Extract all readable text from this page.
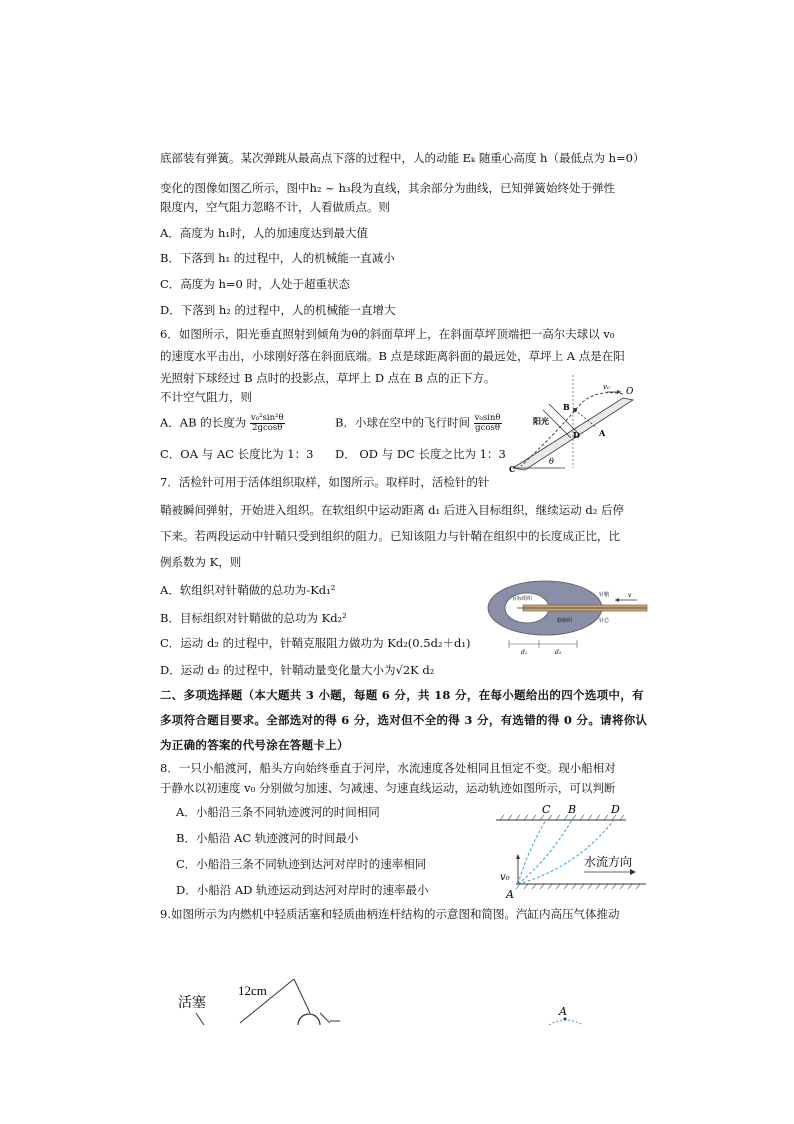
底部装有弹簧。某次弹跳从最高点下落的过程中，人的动能 Eₖ 随重心高度 h（最低点为 h=0）
变化的图像如图乙所示，图中h₂ ~ h₃段为直线，其余部分为曲线，已知弹簧始终处于弹性
限度内，空气阻力忽略不计，人看做质点。则
A．高度为 h₁时，人的加速度达到最大值
B．下落到 h₁ 的过程中，人的机械能一直减小
C．高度为 h=0 时，人处于超重状态
D．下落到 h₂ 的过程中，人的机械能一直增大
6．如图所示，阳光垂直照射到倾角为θ的斜面草坪上，在斜面草坪顶端把一高尔夫球以 v₀
的速度水平击出，小球刚好落在斜面底端。B 点是球距离斜面的最远处，草坪上 A 点是在阳
光照射下球经过 B 点时的投影点，草坪上 D 点在 B 点的正下方。
不计空气阻力，则
A．AB 的长度为 $\frac{\text{v₀²sin²θ}}{2gcos\theta}$	B．小球在空中的飞行时间 $\frac{\text{v₀sinθ}}{gcos\theta}$
C．OA 与 AC 长度比为 1：3 D． OD 与 DC 长度之比为 1：3
v₀ O
B
D A
C
阳光
θ
7．活检针可用于活体组织取样，如图所示。取样时，活检针的针
鞘被瞬间弹射，开始进入组织。在软组织中运动距离 d₁ 后进入目标组织，继续运动 d₂ 后停
下来。若两段运动中针鞘只受到组织的阻力。已知该阻力与针鞘在组织中的长度成正比，比
例系数为 K，则
A．软组织对针鞘做的总功为-Kd₁²
B．目标组织对针鞘做的总功为 Kd₂²
C．运动 d₂ 的过程中，针鞘克服阻力做功为 Kd₂(0.5d₂＋d₁)
D．运动 d₂ 的过程中，针鞘动量变化量大小为√2K d₂
v
目标组织
软组织
针鞘
针芯
d₁	d₂
二、多项选择题（本大题共 3 小题，每题 6 分，共 18 分，在每小题给出的四个选项中，有
多项符合题目要求。全部选对的得 6 分，选对但不全的得 3 分，有选错的得 0 分。请将你认
为正确的答案的代号涂在答题卡上）
8．一只小船渡河，船头方向始终垂直于河岸，水流速度各处相同且恒定不变。现小船相对
于静水以初速度 v₀ 分别做匀加速、匀减速、匀速直线运动，运动轨迹如图所示，可以判断
A．小船沿三条不同轨迹渡河的时间相同
B．小船沿 AC 轨迹渡河的时间最小
C．小船沿三条不同轨迹到达河对岸时的速率相同
D．小船沿 AD 轨迹运动到达河对岸时的速率最小
C B	D
A
v₀
水流方向
9.如图所示为内燃机中轻质活塞和轻质曲柄连杆结构的示意图和简图。汽缸内高压气体推动
活塞
12cm
A
